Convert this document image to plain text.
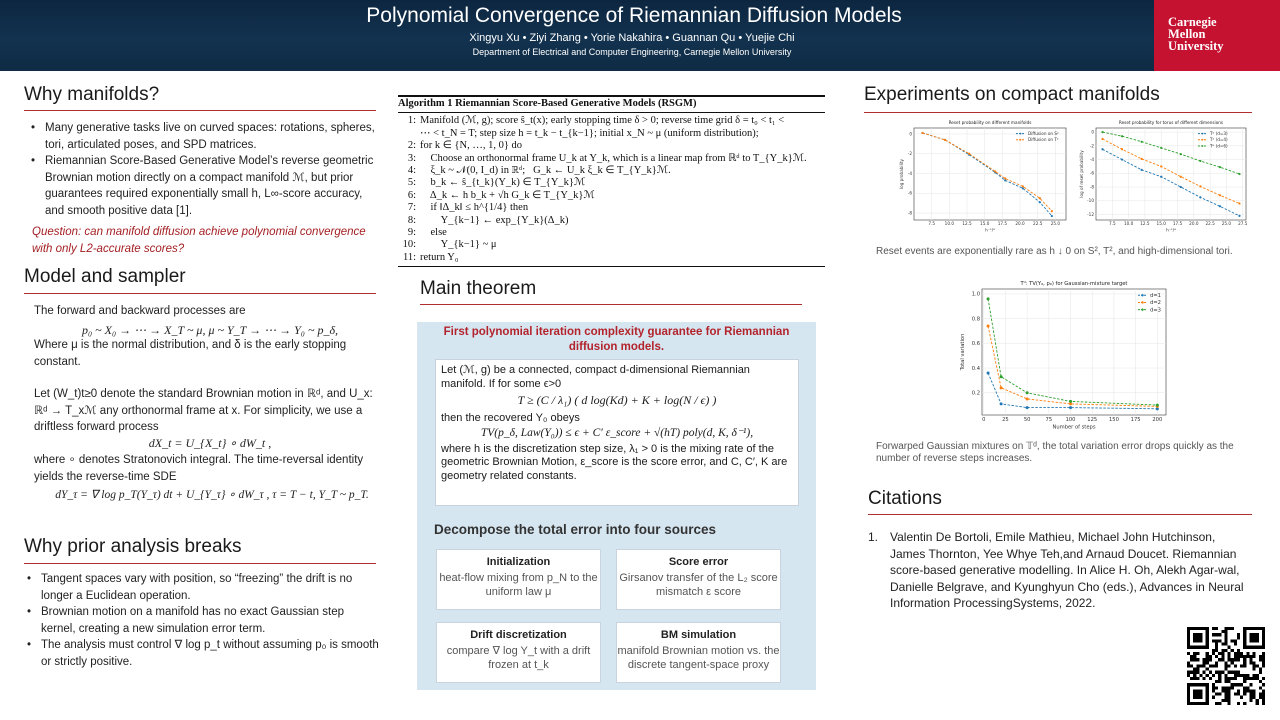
Polynomial Convergence of Riemannian Diffusion Models
Xingyu Xu • Ziyi Zhang • Yorie Nakahira • Guannan Qu • Yuejie Chi
Department of Electrical and Computer Engineering, Carnegie Mellon University
Carnegie
Mellon
University
Why manifolds?
• Many generative tasks live on curved spaces: rotations, spheres, tori, articulated poses, and SPD matrices.
• Riemannian Score-Based Generative Model’s reverse geometric Brownian motion directly on a compact manifold ℳ, but prior guarantees required exponentially small h, L∞-score accuracy, and smooth positive data [1].
Question: can manifold diffusion achieve polynomial convergence with only L2-accurate scores?
Model and sampler
The forward and backward processes are
p₀ ~ X₀ → ⋯ → X_T ~ μ, μ ~ Y_T → ⋯ → Y₀ ~ p_δ,
Where μ is the normal distribution, and δ is the early stopping constant.
Let (W_t)t≥0 denote the standard Brownian motion in ℝᵈ, and U_x: ℝᵈ → T_xℳ any orthonormal frame at x. For simplicity, we use a driftless forward process
dX_t = U_{X_t} ∘ dW_t ,
where ∘ denotes Stratonovich integral. The time-reversal identity yields the reverse-time SDE
dY_τ = ∇ log p_T(Y_τ) dt + U_{Y_τ} ∘ dW_τ , τ = T − t, Y_T ~ p_T.
Why prior analysis breaks
• Tangent spaces vary with position, so “freezing” the drift is no longer a Euclidean operation.
• Brownian motion on a manifold has no exact Gaussian step kernel, creating a new simulation error term.
• The analysis must control ∇ log p_t without assuming p₀ is smooth or strictly positive.
Algorithm 1 Riemannian Score-Based Generative Models (RSGM)
1: Manifold (ℳ, g); score ŝ_t(x); early stopping time δ > 0; reverse time grid δ = t₀ < t₁ <
⋯ < t_N = T; step size h = t_k − t_{k−1}; initial x_N ~ μ (uniform distribution);
2: for k ∈ {N, …, 1, 0} do
3:    Choose an orthonormal frame U_k at Y_k, which is a linear map from ℝᵈ to T_{Y_k}ℳ.
4:    ξ_k ~ 𝒩(0, I_d) in ℝᵈ;   G_k ← U_k ξ_k ∈ T_{Y_k}ℳ.
5:    b_k ← ŝ_{t_k}(Y_k) ∈ T_{Y_k}ℳ
6:    Δ_k ← h b_k + √h G_k ∈ T_{Y_k}ℳ
7:    if ‖Δ_k‖ ≤ h^{1/4} then
8:        Y_{k−1} ← exp_{Y_k}(Δ_k)
9:    else
10:        Y_{k−1} ~ μ
11: return Y₀
Main theorem
First polynomial iteration complexity guarantee for Riemannian diffusion models.
Let (ℳ, g) be a connected, compact d-dimensional Riemannian manifold. If for some ϵ>0
T ≥ (C / λ₁) ( d log(Kd) + K + log(N / ϵ) )
then the recovered Y₀ obeys
TV(p_δ, Law(Y₀)) ≤ ϵ + C′ ε_score + √(hT) poly(d, K, δ⁻¹),
where h is the discretization step size, λ₁ > 0 is the mixing rate of the geometric Brownian Motion, ε_score is the score error, and C, C′, K are geometry related constants.
Decompose the total error into four sources
Initialization
heat-flow mixing from p_N to the uniform law μ
Score error
Girsanov transfer of the L₂ score mismatch ε score
Drift discretization
compare ∇ log Y_t with a drift frozen at t_k
BM simulation
manifold Brownian motion vs. the discrete tangent-space proxy
Experiments on compact manifolds
Reset probability on different manifolds
7.5 10.0 12.5 15.0 17.5 20.0 22.5 25.0
0
-2
-4
-6
-8
h⁻¹/⁴
log probability
Diffusion on S²
Diffusion on T²
Reset probability for torus of different dimensions
7.5 10.0 12.5 15.0 17.5 20.0 22.5 25.0 27.5
0
-2
-4
-6
-8
-10
-12
h⁻¹/⁴
log of reset probability
Tᵈ (d=3)
Tᵈ (d=4)
Tᵈ (d=6)
Reset events are exponentially rare as h ↓ 0 on S², T², and high-dimensional tori.
Tᵈ: TV(Y₀, p₀) for Gaussian-mixture target
0	25	50	75	100 125 150 175 200
0.2
0.4
0.6
0.8
1.0
Number of steps
Total variation
d=1
d=2
d=3
Forwarped Gaussian mixtures on 𝕋ᵈ, the total variation error drops quickly as the number of reverse steps increases.
Citations
1. Valentin De Bortoli, Emile Mathieu, Michael John Hutchinson, James Thornton, Yee Whye Teh,and Arnaud Doucet. Riemannian score-based generative modelling. In Alice H. Oh, Alekh Agar-wal, Danielle Belgrave, and Kyunghyun Cho (eds.), Advances in Neural Information ProcessingSystems, 2022.
